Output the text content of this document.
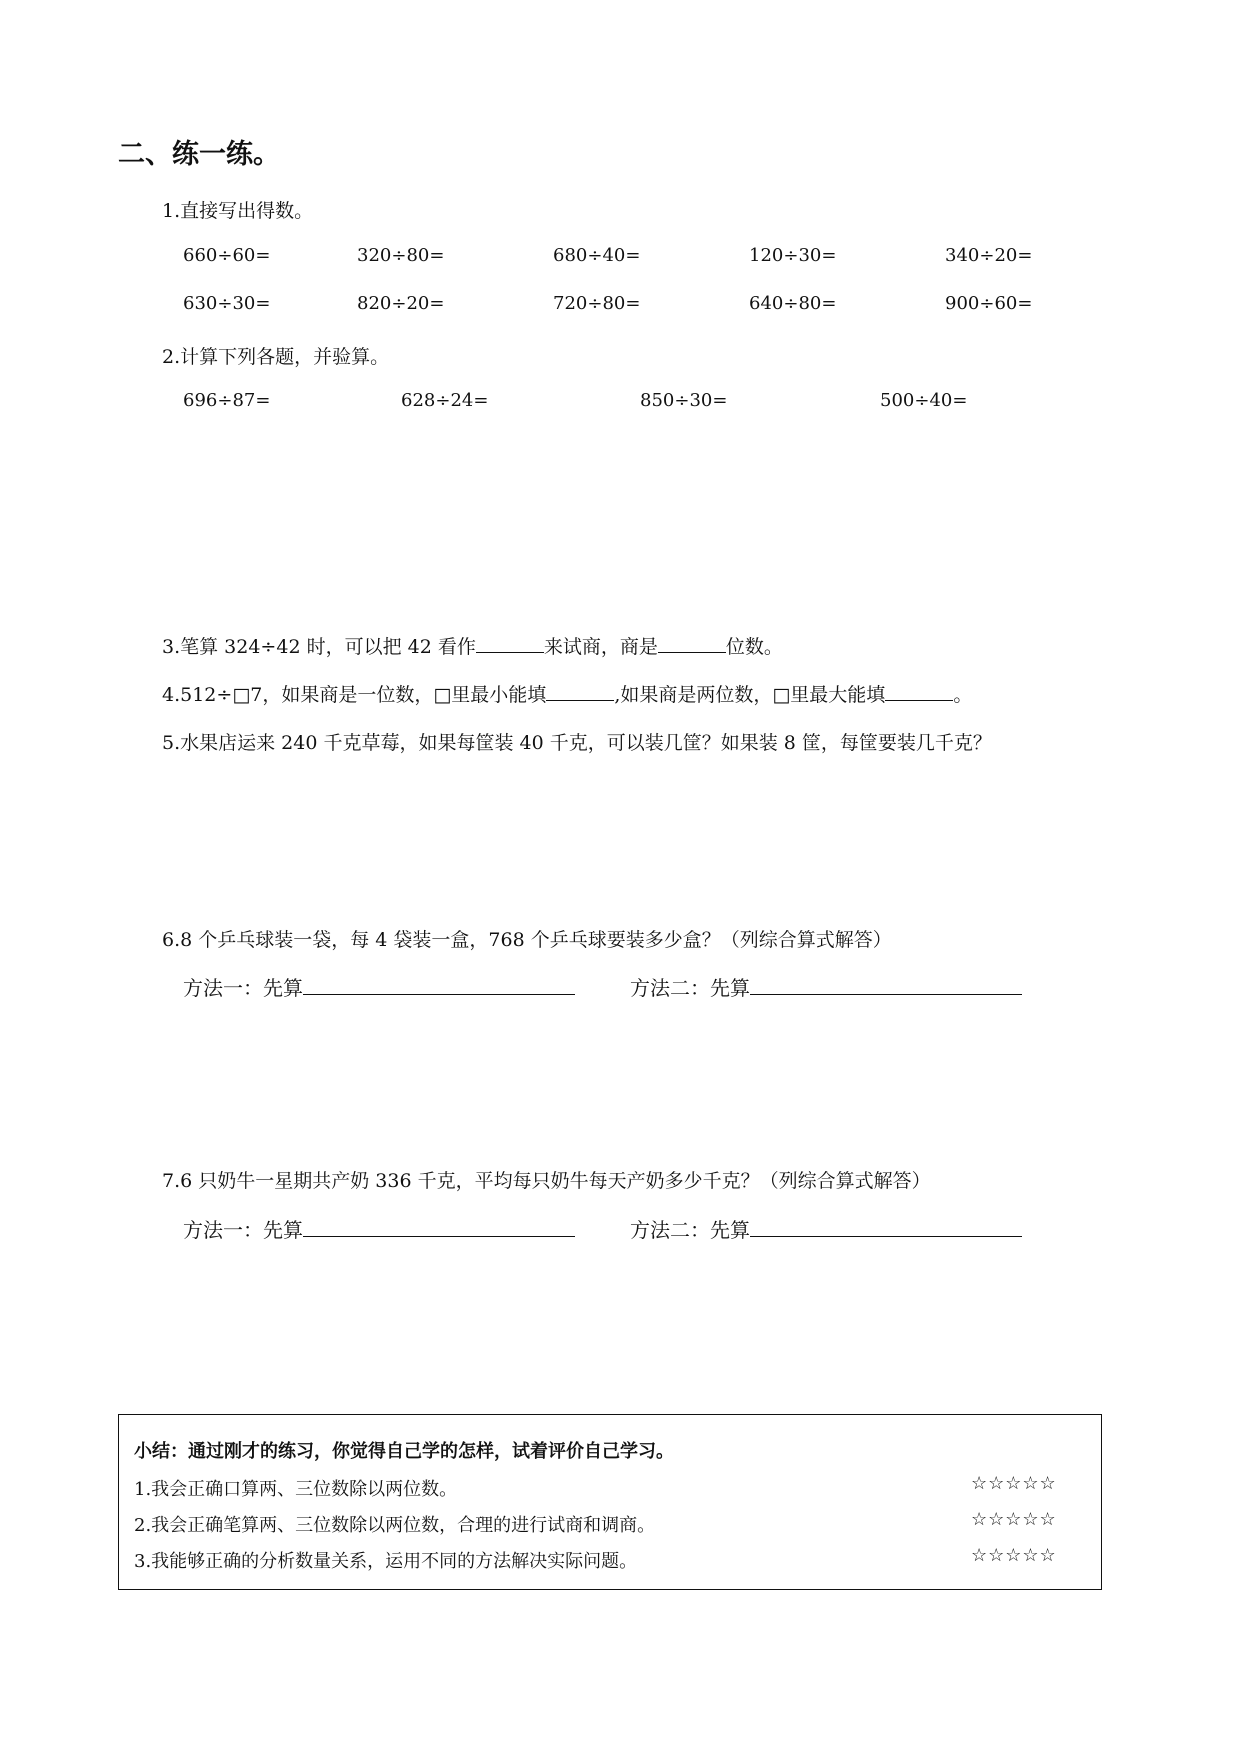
二、练一练。
1.直接写出得数。
660÷60=	320÷80=	680÷40=	120÷30=	340÷20=
630÷30=	820÷20=	720÷80=	640÷80=	900÷60=
2.计算下列各题，并验算。
696÷87=	628÷24=	850÷30=	500÷40=
3.笔算 324÷42 时，可以把 42 看作	来试商，商是	位数。
4.512÷□7，如果商是一位数，□里最小能填	,如果商是两位数，□里最大能填	。
5.水果店运来 240 千克草莓，如果每筐装 40 千克，可以装几筐？如果装 8 筐，每筐要装几千克？
6.8 个乒乓球装一袋，每 4 袋装一盒，768 个乒乓球要装多少盒？（列综合算式解答）
方法一：先算	方法二：先算
7.6 只奶牛一星期共产奶 336 千克，平均每只奶牛每天产奶多少千克？（列综合算式解答）
方法一：先算	方法二：先算
小结：通过刚才的练习，你觉得自己学的怎样，试着评价自己学习。
1.我会正确口算两、三位数除以两位数。	☆☆☆☆☆
2.我会正确笔算两、三位数除以两位数，合理的进行试商和调商。	☆☆☆☆☆
3.我能够正确的分析数量关系，运用不同的方法解决实际问题。	☆☆☆☆☆
